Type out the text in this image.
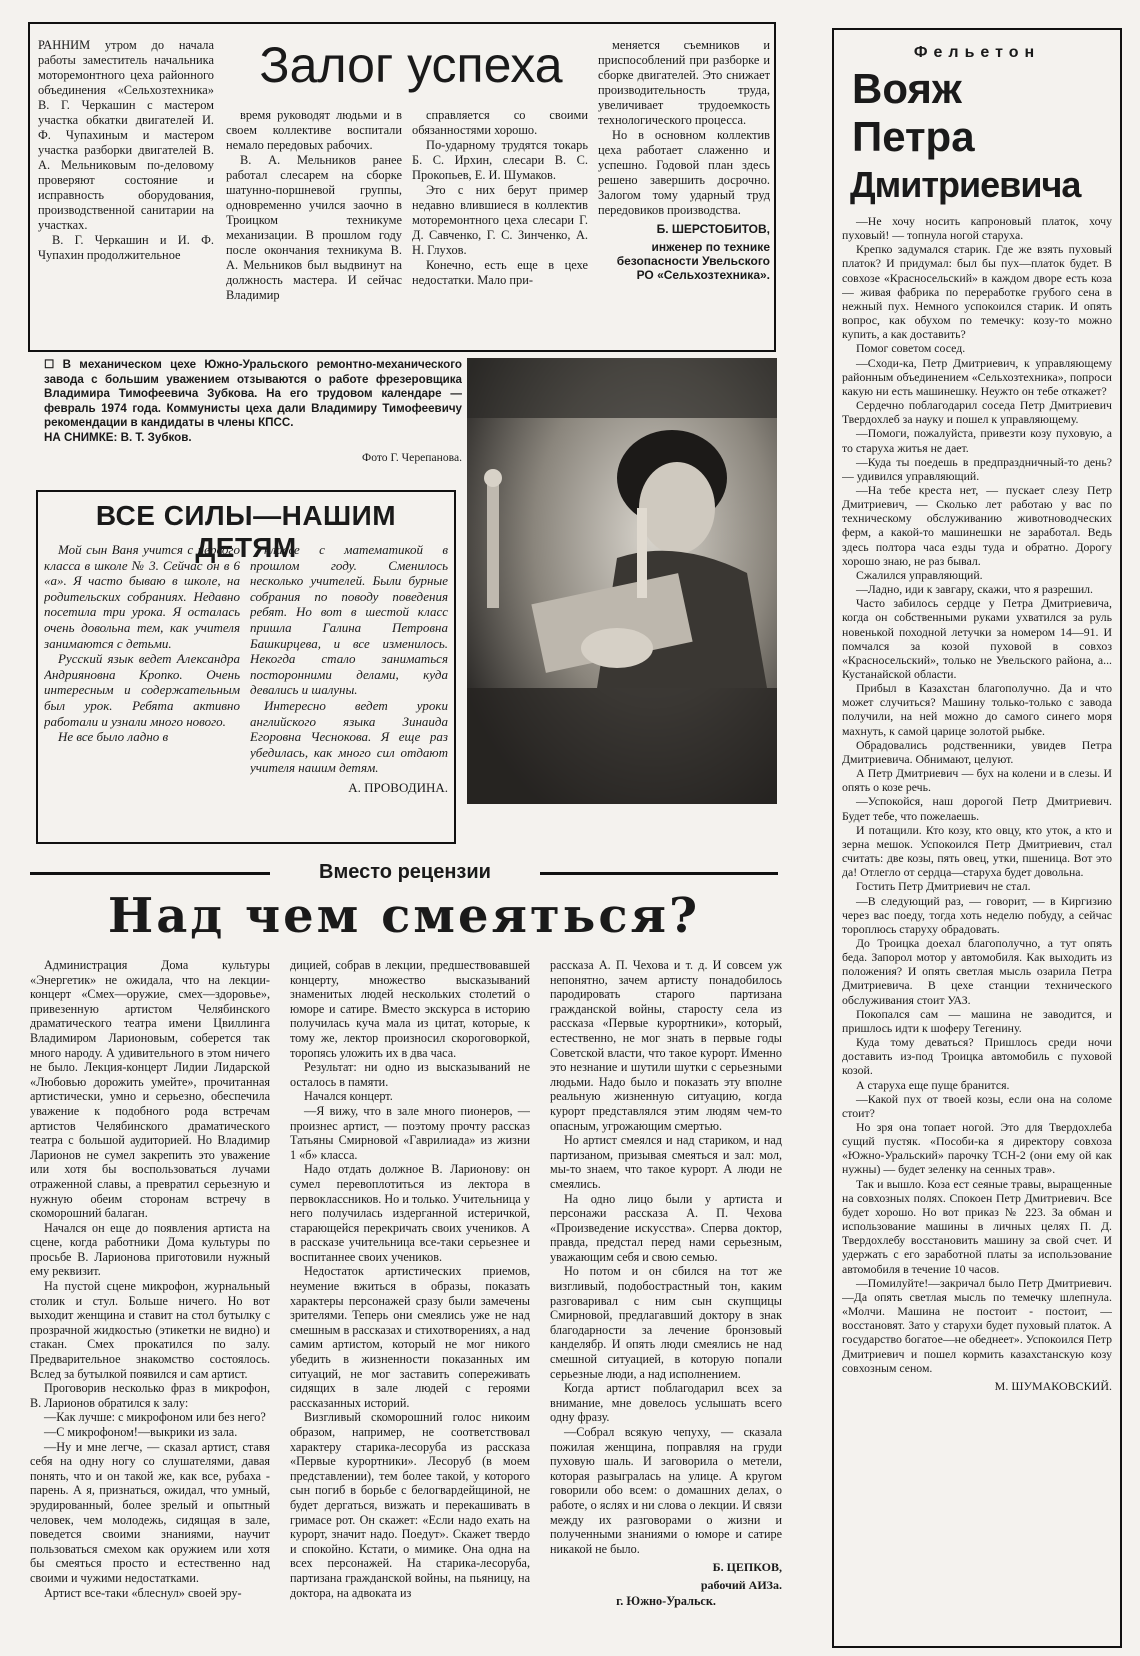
РАННИМ утром до начала работы заместитель начальника моторемонтного цеха районного объединения «Сельхозтехника» В. Г. Черкашин с мастером участка обкатки двигателей И. Ф. Чупахиным и мастером участка разборки двигателей В. А. Мельниковым по-деловому проверяют состояние и исправность оборудования, производственной санитарии на участках.

В. Г. Черкашин и И. Ф. Чупахин продолжительное

Залог успеха

время руководят людьми и в своем коллективе воспитали немало передовых рабочих.

В. А. Мельников ранее работал слесарем на сборке шатунно-поршневой группы, одновременно учился заочно в Троицком техникуме механизации. В прошлом году после окончания техникума В. А. Мельников был выдвинут на должность мастера. И сейчас Владимир

справляется со своими обязанностями хорошо.

По-ударному трудятся токарь Б. С. Ирхин, слесари В. С. Прокопьев, Е. И. Шумаков.

Это с них берут пример недавно влившиеся в коллектив моторемонтного цеха слесари Г. Д. Савченко, Г. С. Зинченко, А. Н. Глухов.

Конечно, есть еще в цехе недостатки. Мало при-

меняется съемников и приспособлений при разборке и сборке двигателей. Это снижает производительность труда, увеличивает трудоемкость технологического процесса.

Но в основном коллектив цеха работает слаженно и успешно. Годовой план здесь решено завершить досрочно. Залогом тому ударный труд передовиков производства.

Б. ШЕРСТОБИТОВ,
инженер по технике безопасности Увельского РО «Сельхозтехника».
☐ В механическом цехе Южно-Уральского ремонтно-механического завода с большим уважением отзываются о работе фрезеровщика Владимира Тимофеевича Зубкова. На его трудовом календаре — февраль 1974 года. Коммунисты цеха дали Владимиру Тимофеевичу рекомендации в кандидаты в члены КПСС.
НА СНИМКЕ: В. Т. Зубков.
Фото Г. Черепанова.
ВСЕ СИЛЫ—НАШИМ ДЕТЯМ

Мой сын Ваня учится с первого класса в школе № 3. Сейчас он в 6 «а». Я часто бываю в школе, на родительских собраниях. Недавно посетила три урока. Я осталась очень довольна тем, как учителя занимаются с детьми.

Русский язык ведет Александра Андрияновна Кропко. Очень интересным и содержательным был урок. Ребята активно работали и узнали много нового.

Не все было ладно в

классе с математикой в прошлом году. Сменилось несколько учителей. Были бурные собрания по поводу поведения ребят. Но вот в шестой класс пришла Галина Петровна Башкирцева, и все изменилось. Некогда стало заниматься посторонними делами, куда девались и шалуны.

Интересно ведет уроки английского языка Зинаида Егоровна Чеснокова. Я еще раз убедилась, как много сил отдают учителя нашим детям.

А. ПРОВОДИНА.
Вместо рецензии
Над чем смеяться?

Администрация Дома культуры «Энергетик» не ожидала, что на лекции-концерт «Смех—оружие, смех—здоровье», привезенную артистом Челябинского драматического театра имени Цвиллинга Владимиром Ларионовым, соберется так много народу. А удивительного в этом ничего не было. Лекция-концерт Лидии Лидарской «Любовью дорожить умейте», прочитанная артистически, умно и серьезно, обеспечила уважение к подобного рода встречам артистов Челябинского драматического театра с большой аудиторией. Но Владимир Ларионов не сумел закрепить это уважение или хотя бы воспользоваться лучами отраженной славы, а превратил серьезную и нужную обеим сторонам встречу в скоморошний балаган.

Начался он еще до появления артиста на сцене, когда работники Дома культуры по просьбе В. Ларионова приготовили нужный ему реквизит.

На пустой сцене микрофон, журнальный столик и стул. Больше ничего. Но вот выходит женщина и ставит на стол бутылку с прозрачной жидкостью (этикетки не видно) и стакан. Смех прокатился по залу. Предварительное знакомство состоялось. Вслед за бутылкой появился и сам артист.

Проговорив несколько фраз в микрофон, В. Ларионов обратился к залу:

—Как лучше: с микрофоном или без него?

—С микрофоном!—выкрики из зала.

—Ну и мне легче, — сказал артист, ставя себя на одну ногу со слушателями, давая понять, что и он такой же, как все, рубаха - парень. А я, признаться, ожидал, что умный, эрудированный, более зрелый и опытный человек, чем молодежь, сидящая в зале, поведется своими знаниями, научит пользоваться смехом как оружием или хотя бы смеяться просто и естественно над своими и чужими недостатками.

Артист все-таки «блеснул» своей эру-

дицией, собрав в лекции, предшествовавшей концерту, множество высказываний знаменитых людей нескольких столетий о юморе и сатире. Вместо экскурса в историю получилась куча мала из цитат, которые, к тому же, лектор произносил скороговоркой, торопясь уложить их в два часа.

Результат: ни одно из высказываний не осталось в памяти.

Начался концерт.

—Я вижу, что в зале много пионеров, — произнес артист, — поэтому прочту рассказ Татьяны Смирновой «Гаврилиада» из жизни 1 «б» класса.

Надо отдать должное В. Ларионову: он сумел перевоплотиться из лектора в первоклассников. Но и только. Учительница у него получилась издерганной истеричкой, старающейся перекричать своих учеников. А в рассказе учительница все-таки серьезнее и воспитаннее своих учеников.

Недостаток артистических приемов, неумение вжиться в образы, показать характеры персонажей сразу были замечены зрителями. Теперь они смеялись уже не над смешным в рассказах и стихотворениях, а над самим артистом, который не мог никого убедить в жизненности показанных им ситуаций, не мог заставить сопереживать сидящих в зале людей с героями рассказанных историй.

Визгливый скоморошний голос никоим образом, например, не соответствовал характеру старика-лесоруба из рассказа «Первые курортники». Лесоруб (в моем представлении), тем более такой, у которого сын погиб в борьбе с белогвардейщиной, не будет дергаться, визжать и перекашивать в гримасе рот. Он скажет: «Если надо ехать на курорт, значит надо. Поедут». Скажет твердо и спокойно. Кстати, о мимике. Она одна на всех персонажей. На старика-лесоруба, партизана гражданской войны, на пьяницу, на доктора, на адвоката из

рассказа А. П. Чехова и т. д. И совсем уж непонятно, зачем артисту понадобилось пародировать старого партизана гражданской войны, старосту села из рассказа «Первые курортники», который, естественно, не мог знать в первые годы Советской власти, что такое курорт. Именно это незнание и шутили шутки с серьезными людьми. Надо было и показать эту вполне реальную жизненную ситуацию, когда курорт представлялся этим людям чем-то опасным, угрожающим смертью.

Но артист смеялся и над стариком, и над партизаном, призывая смеяться и зал: мол, мы-то знаем, что такое курорт. А люди не смеялись.

На одно лицо были у артиста и персонажи рассказа А. П. Чехова «Произведение искусства». Сперва доктор, правда, предстал перед нами серьезным, уважающим себя и свою семью.

Но потом и он сбился на тот же визгливый, подобострастный тон, каким разговаривал с ним сын скупщицы Смирновой, предлагавший доктору в знак благодарности за лечение бронзовый канделябр. И опять люди смеялись не над смешной ситуацией, в которую попали серьезные люди, а над исполнением.

Когда артист поблагодарил всех за внимание, мне довелось услышать всего одну фразу.

—Собрал всякую чепуху, — сказала пожилая женщина, поправляя на груди пуховую шаль. И заговорила о метели, которая разыгралась на улице. А кругом говорили обо всем: о домашних делах, о работе, о яслях и ни слова о лекции. И связи между их разговорами о жизни и полученными знаниями о юморе и сатире никакой не было.

Б. ЦЕПКОВ,
рабочий АИЗа.
г. Южно-Уральск.
Фельетон
Вояж
Петра
Дмитриевича

—Не хочу носить капроновый платок, хочу пуховый! — топнула ногой старуха.

Крепко задумался старик. Где же взять пуховый платок? И придумал: был бы пух—платок будет. В совхозе «Красносельский» в каждом дворе есть коза — живая фабрика по переработке грубого сена в нежный пух. Немного успокоился старик. И опять вопрос, как обухом по темечку: козу-то можно купить, а как доставить?

Помог советом сосед.

—Сходи-ка, Петр Дмитриевич, к управляющему районным объединением «Сельхозтехника», попроси какую ни есть машинешку. Неужто он тебе откажет?

Сердечно поблагодарил соседа Петр Дмитриевич Твердохлеб за науку и пошел к управляющему.

—Помоги, пожалуйста, привезти козу пуховую, а то старуха житья не дает.

—Куда ты поедешь в предпраздничный-то день? — удивился управляющий.

—На тебе креста нет, — пускает слезу Петр Дмитриевич, — Сколько лет работаю у вас по техническому обслуживанию животноводческих ферм, а какой-то машинешки не заработал. Ведь здесь полтора часа езды туда и обратно. Дорогу хорошо знаю, не раз бывал.

Сжалился управляющий.

—Ладно, иди к завгару, скажи, что я разрешил.

Часто забилось сердце у Петра Дмитриевича, когда он собственными руками ухватился за руль новенькой походной летучки за номером 14—91. И помчался за козой пуховой в совхоз «Красносельский», только не Увельского района, а... Кустанайской области.

Прибыл в Казахстан благополучно. Да и что может случиться? Машину только-только с завода получили, на ней можно до самого синего моря махнуть, к самой царице золотой рыбке.

Обрадовались родственники, увидев Петра Дмитриевича. Обнимают, целуют.

А Петр Дмитриевич — бух на колени и в слезы. И опять о козе речь.

—Успокойся, наш дорогой Петр Дмитриевич. Будет тебе, что пожелаешь.

И потащили. Кто козу, кто овцу, кто уток, а кто и зерна мешок. Успокоился Петр Дмитриевич, стал считать: две козы, пять овец, утки, пшеница. Вот это да! Отлегло от сердца—старуха будет довольна.

Гостить Петр Дмитриевич не стал.

—В следующий раз, — говорит, — в Киргизию через вас поеду, тогда хоть неделю побуду, а сейчас тороплюсь старуху обрадовать.

До Троицка доехал благополучно, а тут опять беда. Запорол мотор у автомобиля. Как выходить из положения? И опять светлая мысль озарила Петра Дмитриевича. В цехе станции технического обслуживания стоит УАЗ.

Покопался сам — машина не заводится, и пришлось идти к шоферу Тегенину.

Куда тому деваться? Пришлось среди ночи доставить из-под Троицка автомобиль с пуховой козой.

А старуха еще пуще бранится.

—Какой пух от твоей козы, если она на соломе стоит?

Но зря она топает ногой. Это для Твердохлеба сущий пустяк. «Пособи-ка я директору совхоза «Южно-Уральский» парочку ТСН-2 (они ему ой как нужны) — будет зеленку на сенных трав».

Так и вышло. Коза ест сеяные травы, выращенные на совхозных полях. Спокоен Петр Дмитриевич. Все будет хорошо. Но вот приказ № 223. За обман и использование машины в личных целях П. Д. Твердохлебу восстановить машину за свой счет. И удержать с его заработной платы за использование автомобиля в течение 10 часов.

—Помилуйте!—закричал было Петр Дмитриевич. —Да опять светлая мысль по темечку шлепнула. «Молчи. Машина не постоит - постоит, — восстановят. Зато у старухи будет пуховый платок. А государство богатое—не обеднеет». Успокоился Петр Дмитриевич и пошел кормить казахстанскую козу совхозным сеном.

М. ШУМАКОВСКИЙ.
